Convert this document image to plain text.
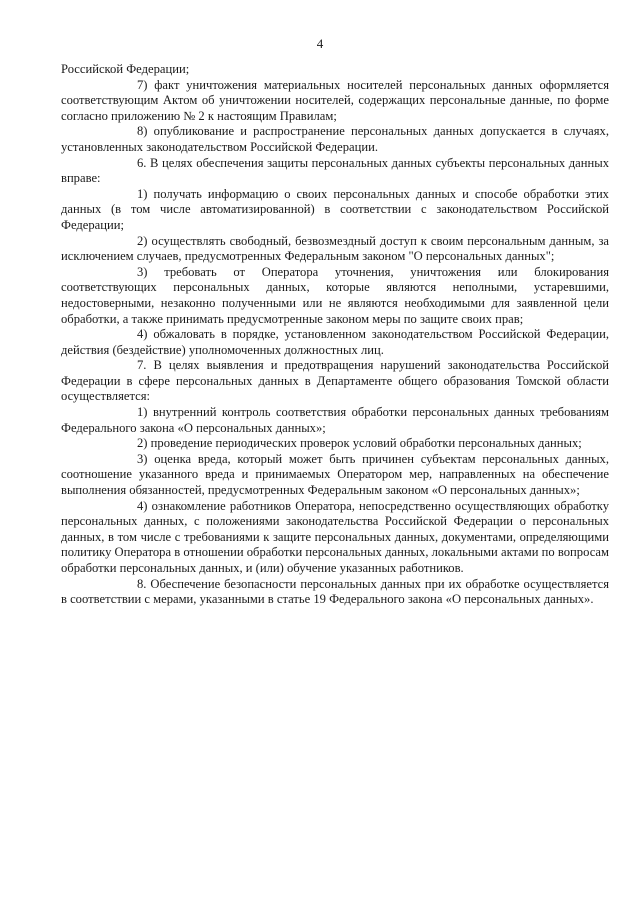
4

Российской Федерации;

7) факт уничтожения материальных носителей персональных данных оформляется соответствующим Актом об уничтожении носителей, содержащих персональные данные, по форме согласно приложению № 2 к настоящим Правилам;

8) опубликование и распространение персональных данных допускается в случаях, установленных законодательством Российской Федерации.

6. В целях обеспечения защиты персональных данных субъекты персональных данных вправе:

1) получать информацию о своих персональных данных и способе обработки этих данных (в том числе автоматизированной) в соответствии с законодательством Российской Федерации;

2) осуществлять свободный, безвозмездный доступ к своим персональным данным, за исключением случаев, предусмотренных Федеральным законом "О персональных данных";

3) требовать от Оператора уточнения, уничтожения или блокирования соответствующих персональных данных, которые являются неполными, устаревшими, недостоверными, незаконно полученными или не являются необходимыми для заявленной цели обработки, а также принимать предусмотренные законом меры по защите своих прав;

4) обжаловать в порядке, установленном законодательством Российской Федерации, действия (бездействие) уполномоченных должностных лиц.

7. В целях выявления и предотвращения нарушений законодательства Российской Федерации в сфере персональных данных в Департаменте общего образования Томской области осуществляется:

1) внутренний контроль соответствия обработки персональных данных требованиям Федерального закона «О персональных данных»;

2) проведение периодических проверок условий обработки персональных данных;

3) оценка вреда, который может быть причинен субъектам персональных данных, соотношение указанного вреда и принимаемых Оператором мер, направленных на обеспечение выполнения обязанностей, предусмотренных Федеральным законом «О персональных данных»;

4) ознакомление работников Оператора, непосредственно осуществляющих обработку персональных данных, с положениями законодательства Российской Федерации о персональных данных, в том числе с требованиями к защите персональных данных, документами, определяющими политику Оператора в отношении обработки персональных данных, локальными актами по вопросам обработки персональных данных, и (или) обучение указанных работников.

8. Обеспечение безопасности персональных данных при их обработке осуществляется в соответствии с мерами, указанными в статье 19 Федерального закона «О персональных данных».
